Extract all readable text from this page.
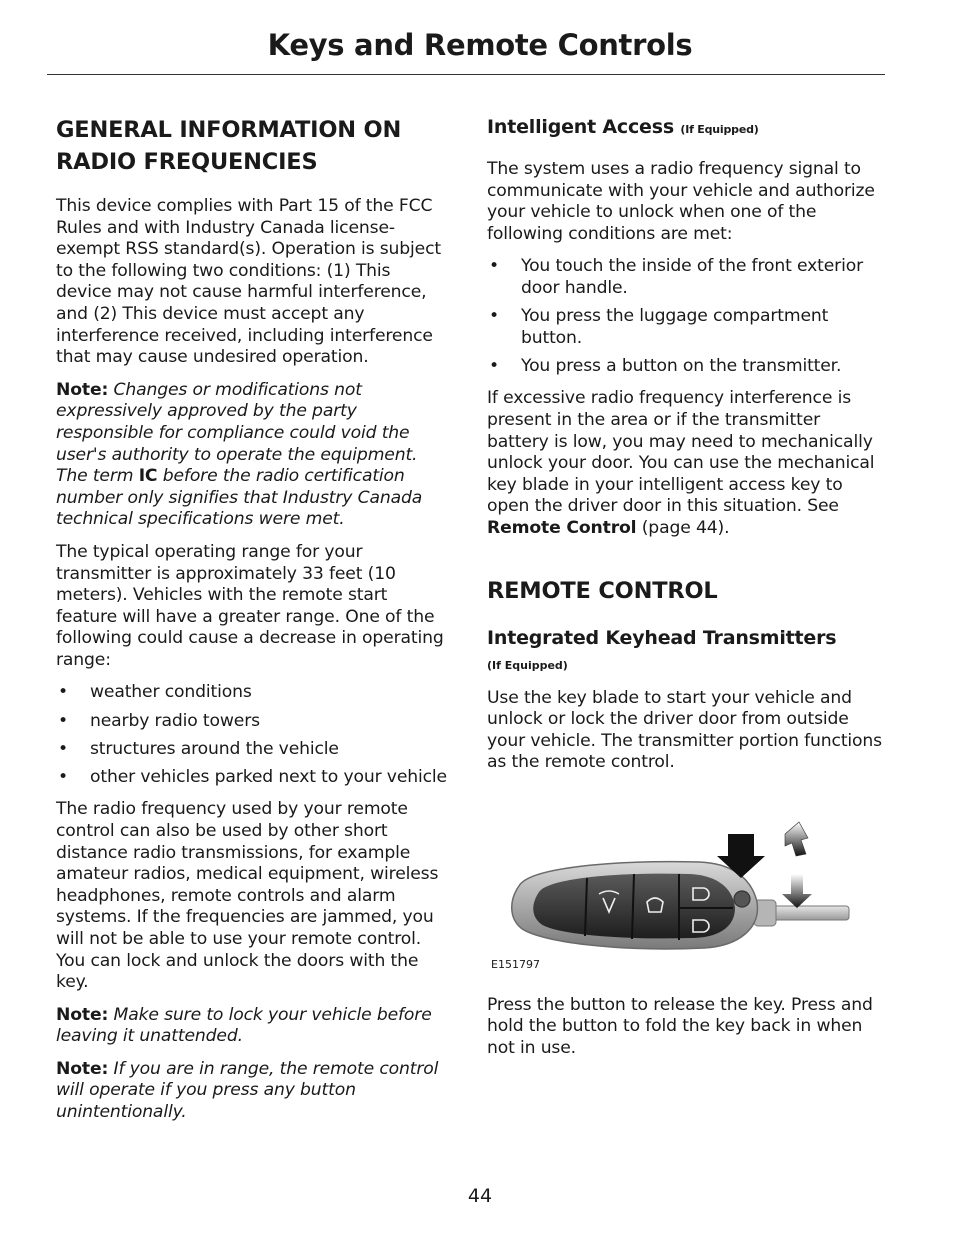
Keys and Remote Controls
GENERAL INFORMATION ON RADIO FREQUENCIES

This device complies with Part 15 of the FCC Rules and with Industry Canada license-exempt RSS standard(s). Operation is subject to the following two conditions: (1) This device may not cause harmful interference, and (2) This device must accept any interference received, including interference that may cause undesired operation.

Note: Changes or modifications not expressively approved by the party responsible for compliance could void the user's authority to operate the equipment. The term IC before the radio certification number only signifies that Industry Canada technical specifications were met.

The typical operating range for your transmitter is approximately 33 feet (10 meters). Vehicles with the remote start feature will have a greater range. One of the following could cause a decrease in operating range:

• weather conditions
• nearby radio towers
• structures around the vehicle
• other vehicles parked next to your vehicle

The radio frequency used by your remote control can also be used by other short distance radio transmissions, for example amateur radios, medical equipment, wireless headphones, remote controls and alarm systems. If the frequencies are jammed, you will not be able to use your remote control. You can lock and unlock the doors with the key.

Note: Make sure to lock your vehicle before leaving it unattended.

Note: If you are in range, the remote control will operate if you press any button unintentionally.

Intelligent Access (If Equipped)

The system uses a radio frequency signal to communicate with your vehicle and authorize your vehicle to unlock when one of the following conditions are met:

• You touch the inside of the front exterior door handle.
• You press the luggage compartment button.
• You press a button on the transmitter.

If excessive radio frequency interference is present in the area or if the transmitter battery is low, you may need to mechanically unlock your door. You can use the mechanical key blade in your intelligent access key to open the driver door in this situation. See Remote Control (page 44).

REMOTE CONTROL
Integrated Keyhead Transmitters
(If Equipped)

Use the key blade to start your vehicle and unlock or lock the driver door from outside your vehicle. The transmitter portion functions as the remote control.

E151797

Press the button to release the key. Press and hold the button to fold the key back in when not in use.

44
